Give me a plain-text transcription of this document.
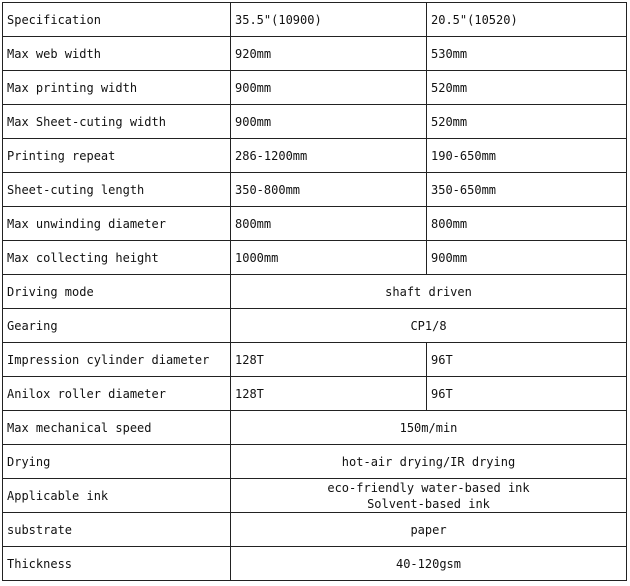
Specification	35.5"(10900)	20.5"(10520)
Max web width	920mm	530mm
Max printing width	900mm	520mm
Max Sheet-cuting width	900mm	520mm
Printing repeat	286-1200mm	190-650mm
Sheet-cuting length	350-800mm	350-650mm
Max unwinding diameter	800mm	800mm
Max collecting height	1000mm	900mm
Driving mode	shaft driven	
Gearing	CP1/8	
Impression cylinder diameter	128T	96T
Anilox roller diameter	128T	96T
Max mechanical speed	150m/min	
Drying	hot-air drying/IR drying	
Applicable ink	eco-friendly water-based ink
Solvent-based ink	

substrate	paper	
Thickness	40-120gsm	
